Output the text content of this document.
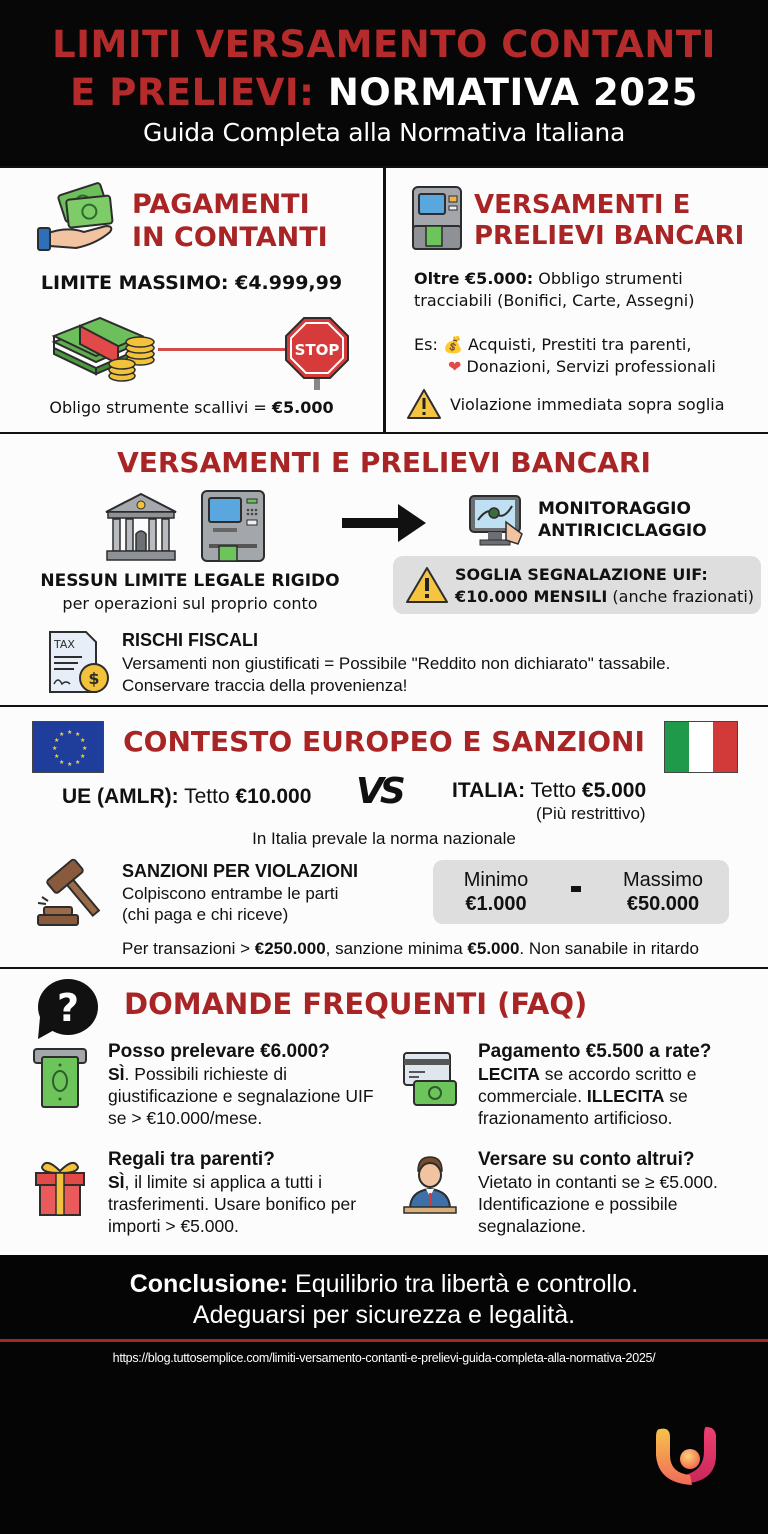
LIMITI VERSAMENTO CONTANTI
E PRELIEVI: NORMATIVA 2025
Guida Completa alla Normativa Italiana
PAGAMENTI
IN CONTANTI
LIMITE MASSIMO: €4.999,99
STOP
Obligo strumente scallivi = €5.000
VERSAMENTI E
PRELIEVI BANCARI
Oltre €5.000: Obbligo strumenti tracciabili (Bonifici, Carte, Assegni)
Es: 💰 Acquisti, Prestiti tra parenti,
❤ Donazioni, Servizi professionali
Violazione immediata sopra soglia
VERSAMENTI E PRELIEVI BANCARI
NESSUN LIMITE LEGALE RIGIDO
per operazioni sul proprio conto
MONITORAGGIO
ANTIRICICLAGGIO
SOGLIA SEGNALAZIONE UIF:
€10.000 MENSILI (anche frazionati)
TAX
$
RISCHI FISCALI
Versamenti non giustificati = Possibile "Reddito non dichiarato" tassabile.
Conservare traccia della provenienza!
★ ★
★
★
★
★
★
★
★
★
★
★	CONTESTO EUROPEO E SANZIONI
UE (AMLR): Tetto €10.000 VS ITALIA: Tetto €5.000
(Più restrittivo)
In Italia prevale la norma nazionale
SANZIONI PER VIOLAZIONI
Colpiscono entrambe le parti
(chi paga e chi riceve)
Minimo
€1.000
Massimo
€50.000
Per transazioni > €250.000, sanzione minima €5.000. Non sanabile in ritardo
? DOMANDE FREQUENTI (FAQ)
Posso prelevare €6.000?
SÌ. Possibili richieste di giustificazione e segnalazione UIF se > €10.000/mese.
Pagamento €5.500 a rate?
LECITA se accordo scritto e commerciale. ILLECITA se frazionamento artificioso.
Regali tra parenti?
SÌ, il limite si applica a tutti i trasferimenti. Usare bonifico per importi > €5.000.
Versare su conto altrui?
Vietato in contanti se ≥ €5.000. Identificazione e possibile segnalazione.
Conclusione: Equilibrio tra libertà e controllo.
Adeguarsi per sicurezza e legalità.
https://blog.tuttosemplice.com/limiti-versamento-contanti-e-prelievi-guida-completa-alla-normativa-2025/
